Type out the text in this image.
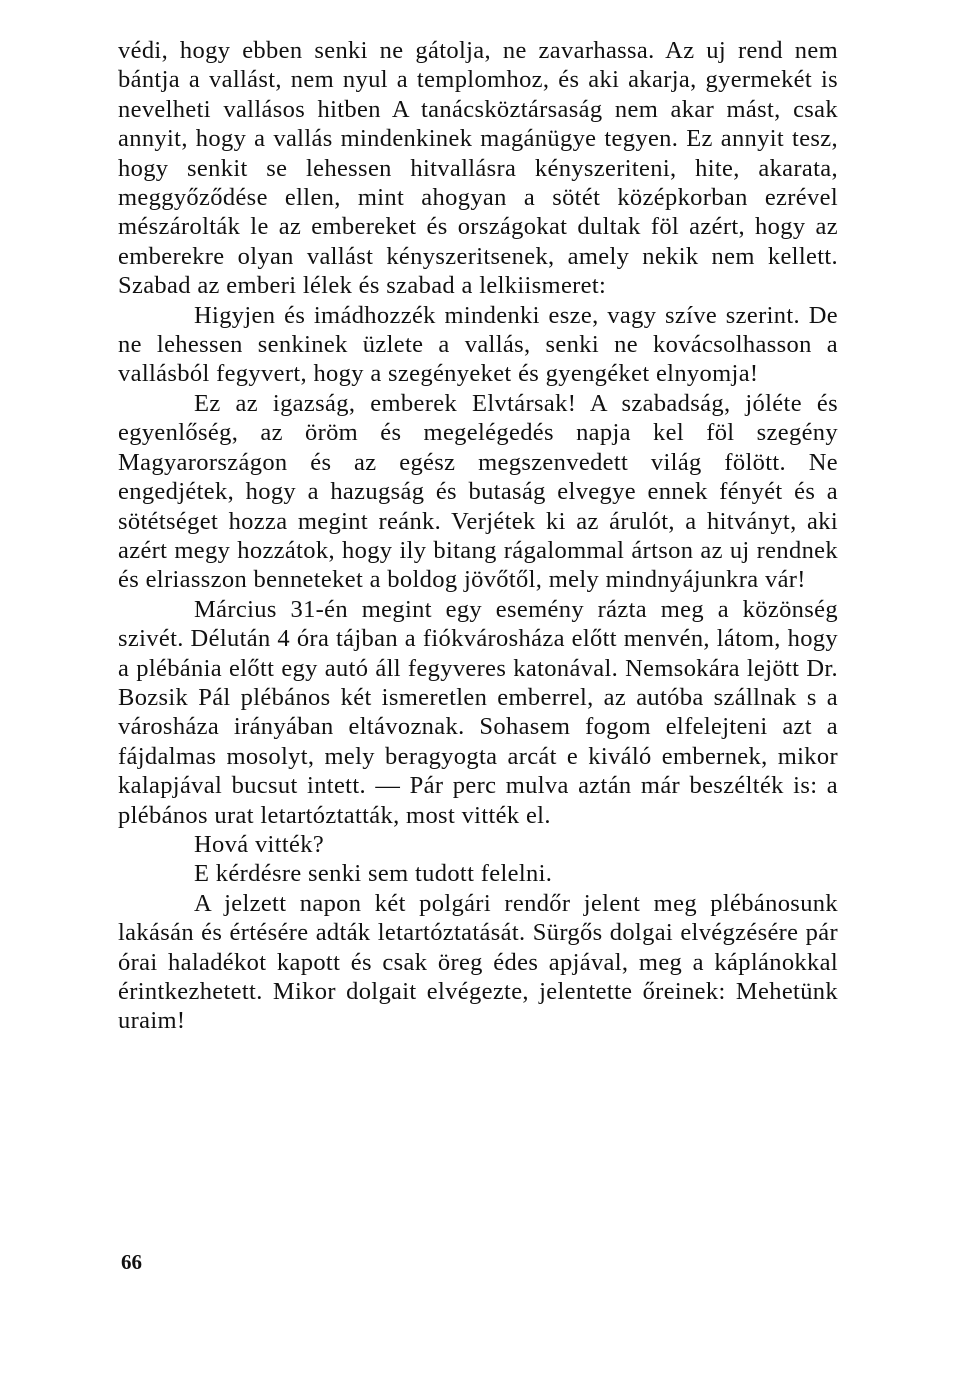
védi, hogy ebben senki ne gátolja, ne zavarhassa. Az uj rend nem bántja a vallást, nem nyul a templomhoz, és aki akarja, gyermekét is nevelheti vallásos hitben A tanácsköztársaság nem akar mást, csak annyit, hogy a vallás mindenkinek magánügye tegyen. Ez annyit tesz, hogy senkit se lehessen hitvallásra kényszeriteni, hite, akarata, meggyőződése ellen, mint ahogyan a sötét középkorban ezrével mészárolták le az embereket és országokat dultak föl azért, hogy az emberekre olyan vallást kényszeritsenek, amely nekik nem kellett. Szabad az emberi lélek és szabad a lelkiismeret:

Higyjen és imádhozzék mindenki esze, vagy szíve szerint. De ne lehessen senkinek üzlete a vallás, senki ne kovácsolhasson a vallásból fegyvert, hogy a szegényeket és gyengéket elnyomja!

Ez az igazság, emberek Elvtársak! A szabadság, jóléte és egyenlőség, az öröm és megelégedés napja kel föl szegény Magyarországon és az egész megszenvedett világ fölött. Ne engedjétek, hogy a hazugság és butaság elvegye ennek fényét és a sötétséget hozza megint reánk. Verjétek ki az árulót, a hitványt, aki azért megy hozzátok, hogy ily bitang rágalommal ártson az uj rendnek és elriasszon benneteket a boldog jövőtől, mely mindnyájunkra vár!

Március 31-én megint egy esemény rázta meg a közönség szivét. Délután 4 óra tájban a fiókvárosháza előtt menvén, látom, hogy a plébánia előtt egy autó áll fegyveres katonával. Nemsokára lejött Dr. Bozsik Pál plébános két ismeretlen emberrel, az autóba szállnak s a városháza irányában eltávoznak. Sohasem fogom elfelejteni azt a fájdalmas mosolyt, mely beragyogta arcát e kiváló embernek, mikor kalapjával bucsut intett. — Pár perc mulva aztán már beszélték is: a plébános urat letartóztatták, most vitték el.

Hová vitték?

E kérdésre senki sem tudott felelni.

A jelzett napon két polgári rendőr jelent meg plébánosunk lakásán és értésére adták letartóztatását. Sürgős dolgai elvégzésére pár órai haladékot kapott és csak öreg édes apjával, meg a káplánokkal érintkezhetett. Mikor dolgait elvégezte, jelentette őreinek: Mehetünk uraim!

66
